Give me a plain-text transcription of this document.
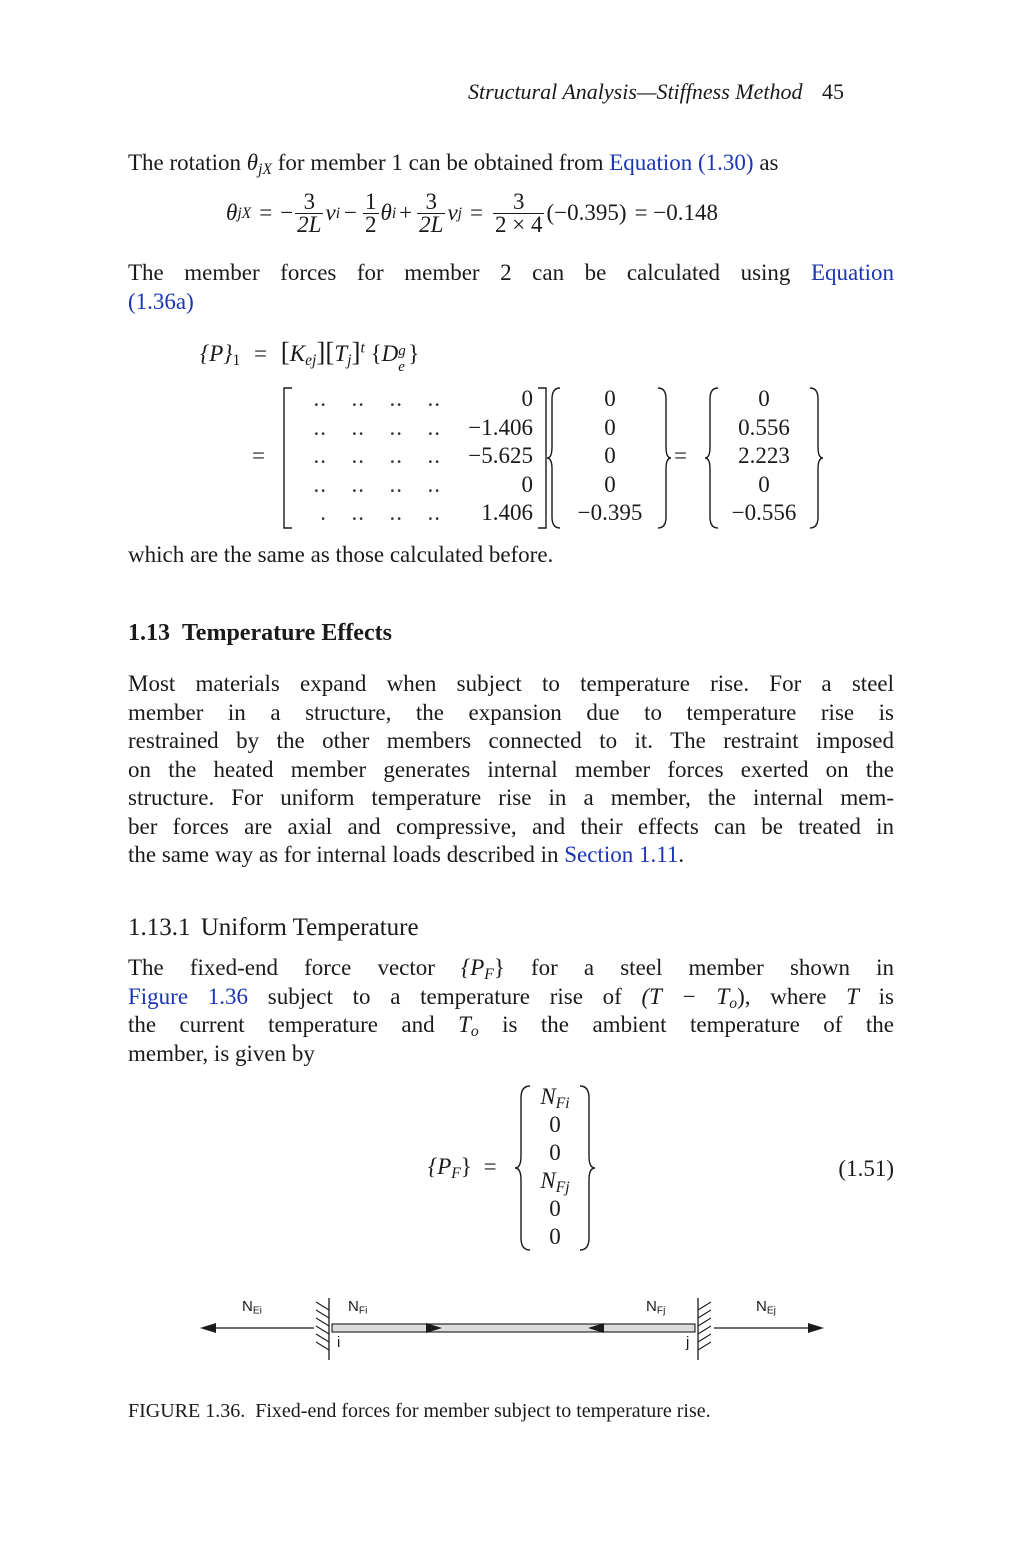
Structural Analysis—Stiffness Method 45
The rotation $\theta_{jX}$ for member 1 can be obtained from Equation (1.30) as
θ jX = − $\frac{3}{2L}$ v $i - \frac{1}{2}$ θ $i + \frac{3}{2L}$ v $j = \frac{3}{2 \times 4} (-0.395) = -0.148$
The member forces for member 2 can be calculated using Equation
(1.36a)
$\{P\}_1 = [K_{ej}][T_j]^t$ {D g
e
}
=
..	..	..	..	0
..	..	..	..	−1.406
..	..	..	..	−5.625
..	..	..	..	0
.	..	..	..	1.406
0
0
0
0
−0.395
=
0
0.556
2.223
0
−0.556
which are the same as those calculated before.
1.13 Temperature Effects
Most materials expand when subject to temperature rise. For a steel
member in a structure, the expansion due to temperature rise is
restrained by the other members connected to it. The restraint imposed
on the heated member generates internal member forces exerted on the
structure. For uniform temperature rise in a member, the internal mem-
ber forces are axial and compressive, and their effects can be treated in
the same way as for internal loads described in Section 1.11.
1.13.1 Uniform Temperature
The fixed-end force vector $\{P_F\}$ for a steel member shown in
Figure 1.36 subject to a temperature rise of $(T - T_o)$, where T is
the current temperature and $T_o$ is the ambient temperature of the
member, is given by
$\{P_F\}$ =
$N_{Fi}$
0
0
$N_{Fj}$
0
0
(1.51)
$N_{Ei}$	$N_{Fi}$	$N_{Fj}$	$N_{Ej}$
i	j
FIGURE 1.36.  Fixed-end forces for member subject to temperature rise.
